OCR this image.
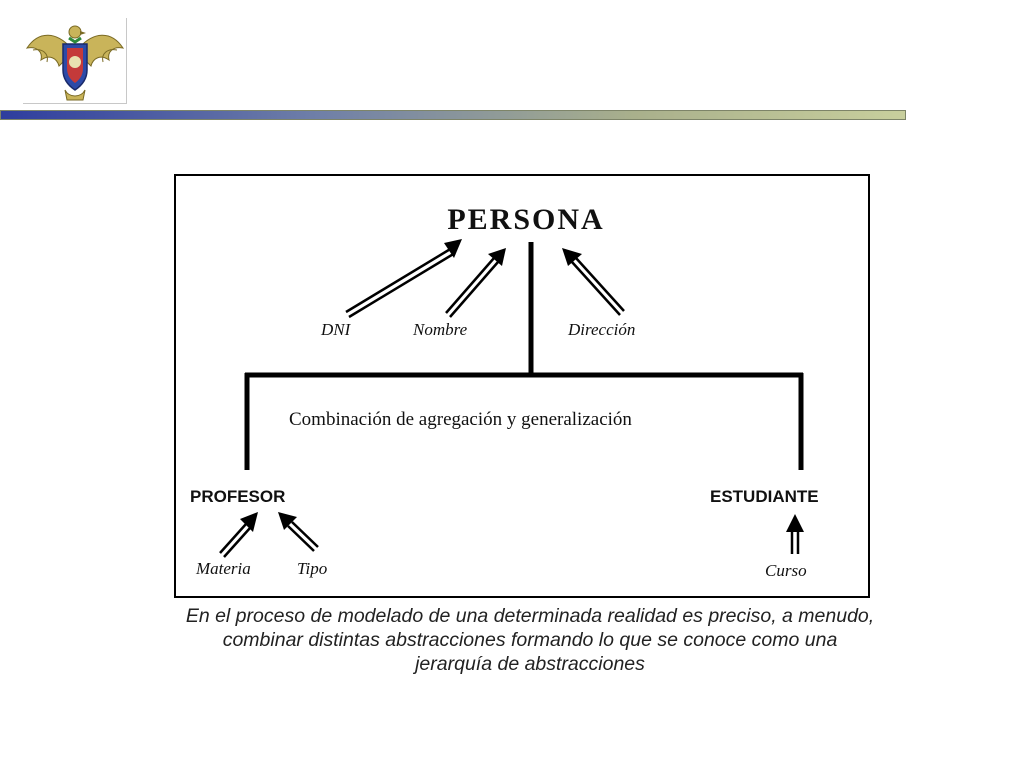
PERSONA
DNI	Nombre	Dirección
Combinación de agregación y generalización
PROFESOR	ESTUDIANTE
Materia	Tipo	Curso
En el proceso de modelado de una determinada realidad es preciso, a menudo,
combinar distintas abstracciones formando lo que se conoce como una
jerarquía de abstracciones
